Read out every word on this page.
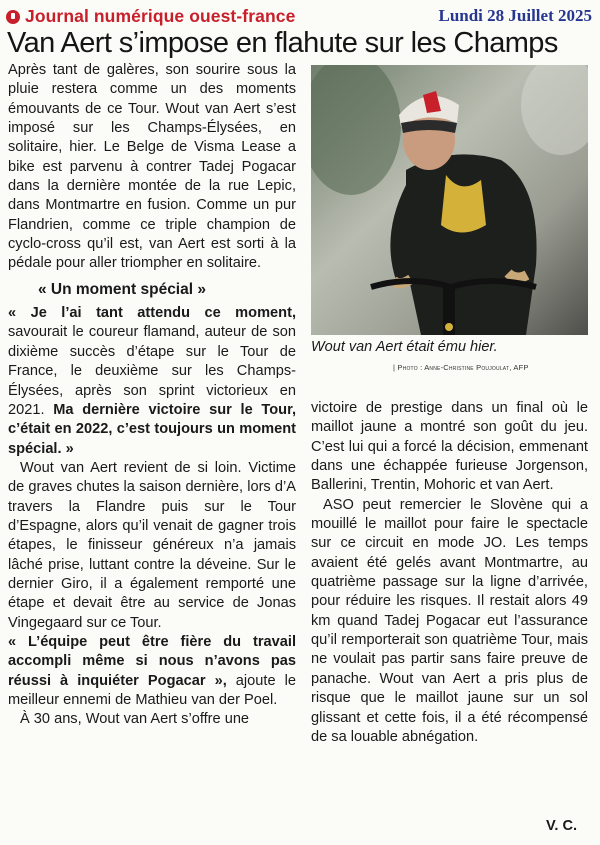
Journal numérique ouest-france	Lundi 28 Juillet 2025
Van Aert s’impose en flahute sur les Champs

Après tant de galères, son sourire sous la pluie restera comme un des moments émouvants de ce Tour. Wout van Aert s’est imposé sur les Champs-Élysées, en solitaire, hier. Le Belge de Visma Lease a bike est parvenu à contrer Tadej Pogacar dans la dernière montée de la rue Lepic, dans Montmartre en fusion. Comme un pur Flandrien, comme ce triple champion de cyclo-cross qu’il est, van Aert est sorti à la pédale pour aller triompher en solitaire.

« Un moment spécial »

« Je l’ai tant attendu ce moment, savourait le coureur flamand, auteur de son dixième succès d’étape sur le Tour de France, le deuxième sur les Champs-Élysées, après son sprint victorieux en 2021. Ma dernière victoire sur le Tour, c’était en 2022, c’est toujours un moment spécial. »

Wout van Aert revient de si loin. Victime de graves chutes la saison dernière, lors d’A travers la Flandre puis sur le Tour d’Espagne, alors qu’il venait de gagner trois étapes, le finisseur généreux n’a jamais lâché prise, luttant contre la déveine. Sur le dernier Giro, il a également remporté une étape et devait être au service de Jonas Vingegaard sur ce Tour.

« L’équipe peut être fière du travail accompli même si nous n’avons pas réussi à inquiéter Pogacar », ajoute le meilleur ennemi de Mathieu van der Poel.

À 30 ans, Wout van Aert s’offre une

Wout van Aert était ému hier.
| Photo : Anne-Christine Poujoulat, AFP

victoire de prestige dans un final où le maillot jaune a montré son goût du jeu. C’est lui qui a forcé la décision, emmenant dans une échappée furieuse Jorgenson, Ballerini, Trentin, Mohoric et van Aert.

ASO peut remercier le Slovène qui a mouillé le maillot pour faire le spectacle sur ce circuit en mode JO. Les temps avaient été gelés avant Montmartre, au quatrième passage sur la ligne d’arrivée, pour réduire les risques. Il restait alors 49 km quand Tadej Pogacar eut l’assurance qu’il remporterait son quatrième Tour, mais ne voulait pas partir sans faire preuve de panache. Wout van Aert a pris plus de risque que le maillot jaune sur un sol glissant et cette fois, il a été récompensé de sa louable abnégation.

V. C.
